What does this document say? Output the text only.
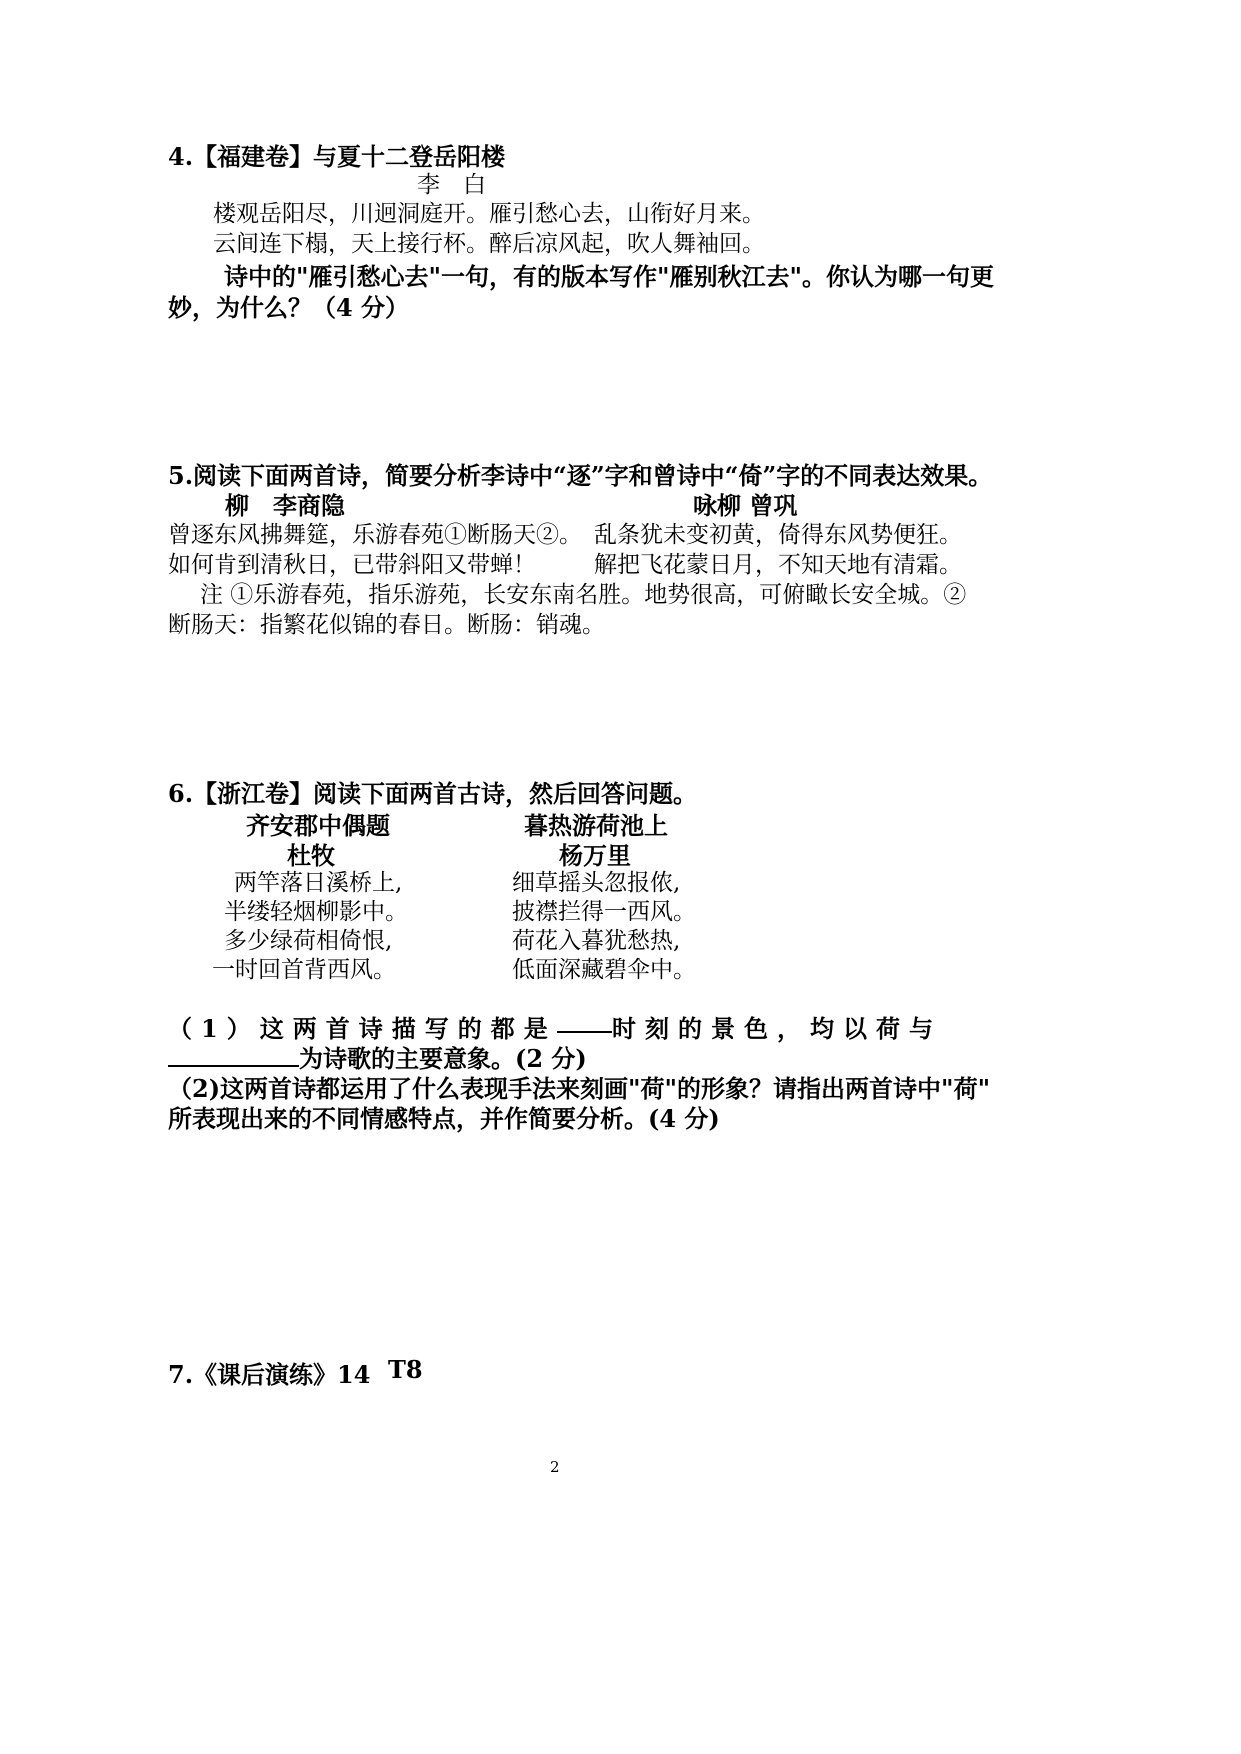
4.【福建卷】与夏十二登岳阳楼
李　白
楼观岳阳尽，川迥洞庭开。雁引愁心去，山衔好月来。
云间连下榻，天上接行杯。醉后凉风起，吹人舞袖回。
诗中的"雁引愁心去"一句，有的版本写作"雁别秋江去"。你认为哪一句更
妙，为什么？（4 分）
5.阅读下面两首诗，简要分析李诗中“逐”字和曾诗中“倚”字的不同表达效果。
柳　李商隐	咏柳 曾巩
曾逐东风拂舞筵，乐游春苑①断肠天②。 乱条犹未变初黄，倚得东风势便狂。
如何肯到清秋日，已带斜阳又带蝉！	解把飞花蒙日月，不知天地有清霜。
注 ①乐游春苑，指乐游苑，长安东南名胜。地势很高，可俯瞰长安全城。②
断肠天：指繁花似锦的春日。断肠：销魂。
6.【浙江卷】阅读下面两首古诗，然后回答问题。
齐安郡中偶题
杜牧
两竿落日溪桥上,
半缕轻烟柳影中。
多少绿荷相倚恨,
一时回首背西风。
暮热游荷池上
杨万里
细草摇头忽报侬,
披襟拦得一西风。
荷花入暮犹愁热,
低面深藏碧伞中。
（1）这两首诗描写的都是 时刻的景色，均以荷与
为诗歌的主要意象。(2 分)
（2)这两首诗都运用了什么表现手法来刻画"荷"的形象？请指出两首诗中"荷"
所表现出来的不同情感特点，并作简要分析。(4 分)
7.《课后演练》14 T8
2
